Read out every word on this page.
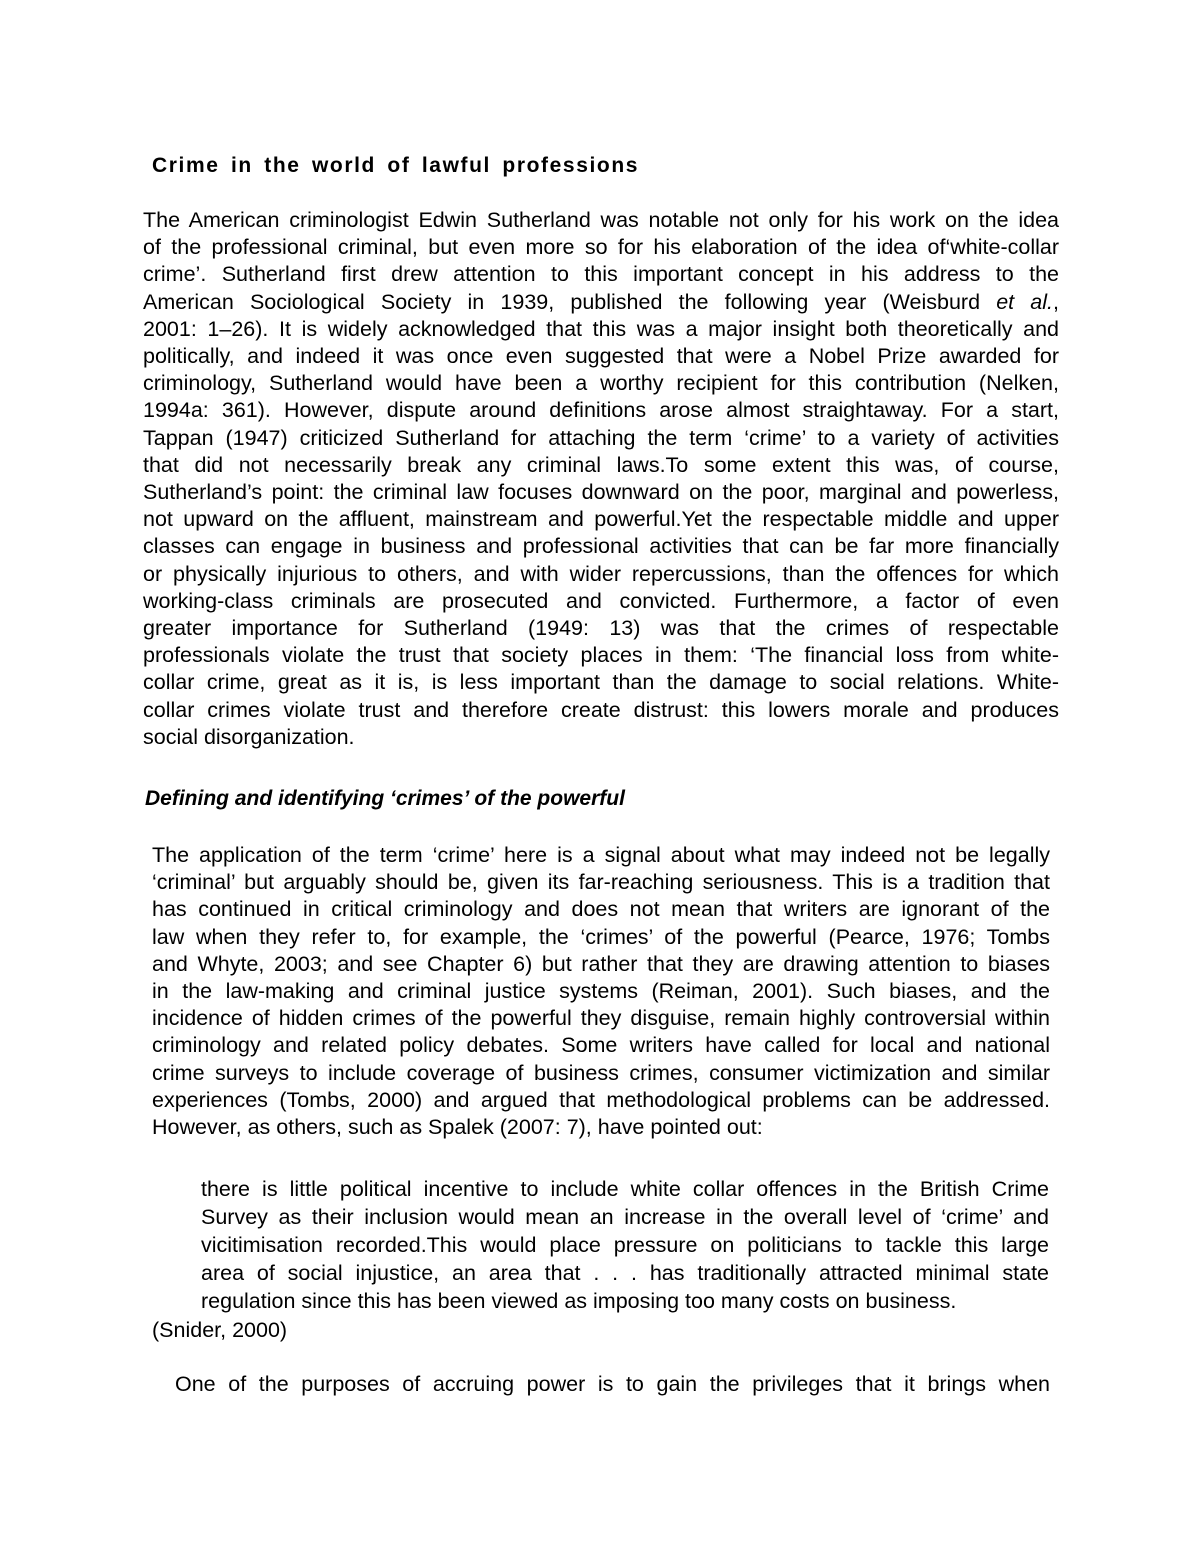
Crime in the world of lawful professions
The American criminologist Edwin Sutherland was notable not only for his work on the idea
of the professional criminal, but even more so for his elaboration of the idea of‘white-collar
crime’. Sutherland first drew attention to this important concept in his address to the
American Sociological Society in 1939, published the following year (Weisburd et al.,
2001: 1–26). It is widely acknowledged that this was a major insight both theoretically and
politically, and indeed it was once even suggested that were a Nobel Prize awarded for
criminology, Sutherland would have been a worthy recipient for this contribution (Nelken,
1994a: 361). However, dispute around definitions arose almost straightaway. For a start,
Tappan (1947) criticized Sutherland for attaching the term ‘crime’ to a variety of activities
that did not necessarily break any criminal laws.To some extent this was, of course,
Sutherland’s point: the criminal law focuses downward on the poor, marginal and powerless,
not upward on the affluent, mainstream and powerful.Yet the respectable middle and upper
classes can engage in business and professional activities that can be far more financially
or physically injurious to others, and with wider repercussions, than the offences for which
working-class criminals are prosecuted and convicted. Furthermore, a factor of even
greater importance for Sutherland (1949: 13) was that the crimes of respectable
professionals violate the trust that society places in them: ‘The financial loss from white-
collar crime, great as it is, is less important than the damage to social relations. White-
collar crimes violate trust and therefore create distrust: this lowers morale and produces
social disorganization.
Defining and identifying ‘crimes’ of the powerful
The application of the term ‘crime’ here is a signal about what may indeed not be legally
‘criminal’ but arguably should be, given its far-reaching seriousness. This is a tradition that
has continued in critical criminology and does not mean that writers are ignorant of the
law when they refer to, for example, the ‘crimes’ of the powerful (Pearce, 1976; Tombs
and Whyte, 2003; and see Chapter 6) but rather that they are drawing attention to biases
in the law-making and criminal justice systems (Reiman, 2001). Such biases, and the
incidence of hidden crimes of the powerful they disguise, remain highly controversial within
criminology and related policy debates. Some writers have called for local and national
crime surveys to include coverage of business crimes, consumer victimization and similar
experiences (Tombs, 2000) and argued that methodological problems can be addressed.
However, as others, such as Spalek (2007: 7), have pointed out:
there is little political incentive to include white collar offences in the British Crime
Survey as their inclusion would mean an increase in the overall level of ‘crime’ and
vicitimisation recorded.This would place pressure on politicians to tackle this large
area of social injustice, an area that . . . has traditionally attracted minimal state
regulation since this has been viewed as imposing too many costs on business.
(Snider, 2000)
One of the purposes of accruing power is to gain the privileges that it brings when
